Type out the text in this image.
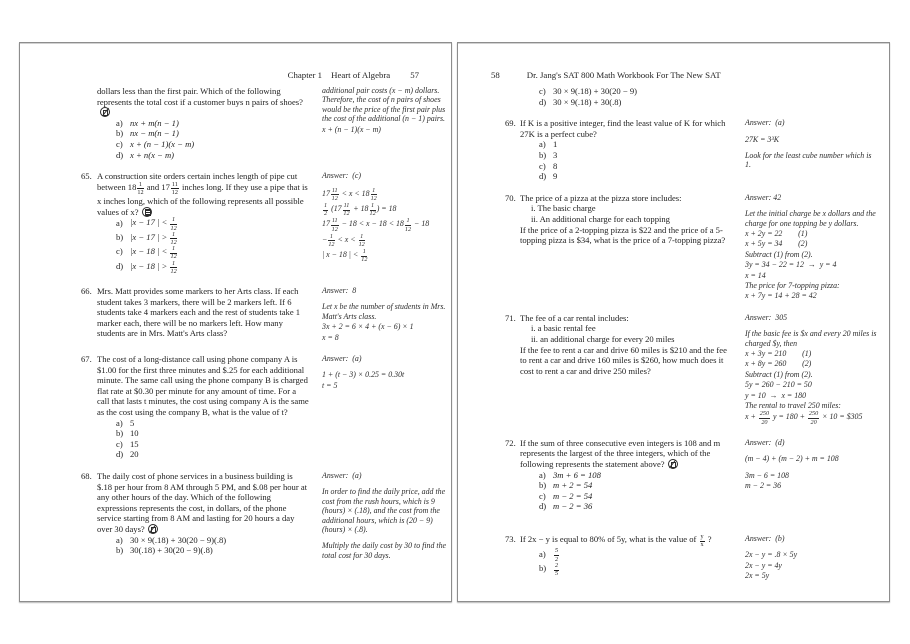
Chapter 1 Heart of Algebra 57
dollars less than the first pair. Which of the following represents the total cost if a customer buys n pairs of shoes?
a) nx + m(n − 1)
b) nx − m(n − 1)
c) x + (n − 1)(x − m)
d) x + n(x − m)
additional pair costs (x − m) dollars. Therefore, the cost of n pairs of shoes would be the price of the first pair plus the cost of the additional (n − 1) pairs.
x + (n − 1)(x − m)
65. A construction site orders certain inches length of pipe cut between $18 \frac{1}{12}$ and $17 \frac{11}{12}$ inches long. If they use a pipe that is x inches long, which of the following represents all possible values of x?
a) |x − 17 | < $\frac{1}{12}$
b) |x − 17 | > $\frac{1}{12}$
c) |x − 18 | < $\frac{1}{12}$
d) |x − 18 | > $\frac{1}{12}$
Answer:  (c)
$17 \frac{11}{12} < x < 18 \frac{1}{12}$
$\frac{1}{2} (17 \frac{11}{12} + 18 \frac{1}{12}$ ) = 18
$17 \frac{11}{12} - 18 < x - 18 < 18 \frac{1}{12} - 18$
− $\frac{1}{12} < x < \frac{1}{12}$
| x − 18 | < $\frac{1}{12}$
66. Mrs. Matt provides some markers to her Arts class. If each student takes 3 markers, there will be 2 markers left. If 6 students take 4 markers each and the rest of students take 1 marker each, there will be no markers left. How many students are in Mrs. Matt's Arts class?
Answer:  8
Let x be the number of students in Mrs. Matt's Arts class.
3x + 2 = 6 × 4 + (x − 6) × 1
x = 8
67. The cost of a long-distance call using phone company A is $1.00 for the first three minutes and $.25 for each additional minute. The same call using the phone company B is charged flat rate at $0.30 per minute for any amount of time. For a call that lasts t minutes, the cost using company A is the same as the cost using the company B, what is the value of t?
a) 5
b) 10
c) 15
d) 20
Answer:  (a)
1 + (t − 3) × 0.25 = 0.30t
t = 5
68. The daily cost of phone services in a business building is $.18 per hour from 8 AM through 5 PM, and $.08 per hour at any other hours of the day. Which of the following expressions represents the cost, in dollars, of the phone service starting from 8 AM and lasting for 20 hours a day over 30 days?
a) 30 × 9(.18) + 30(20 − 9)(.8)
b) 30(.18) + 30(20 − 9)(.8)
Answer:  (a)
In order to find the daily price, add the cost from the rush hours, which is 9 (hours) × (.18), and the cost from the additional hours, which is (20 − 9)(hours) × (.8).
Multiply the daily cost by 30 to find the total cost for 30 days.
58	Dr. Jang's SAT 800 Math Workbook For The New SAT
c) 30 × 9(.18) + 30(20 − 9)
d) 30 × 9(.18) + 30(.8)
69. If K is a positive integer, find the least value of K for which 27K is a perfect cube?
a) 1
b) 3
c) 8
d) 9
Answer:  (a)
27K = 3³K
Look for the least cube number which is 1.
70. The price of a pizza at the pizza store includes:
i. The basic charge
ii. An additional charge for each topping
If the price of a 2-topping pizza is $22 and the price of a 5-topping pizza is $34, what is the price of a 7-topping pizza?
Answer: 42
Let the initial charge be x dollars and the charge for one topping be y dollars.
x + 2y = 22        (1)
x + 5y = 34        (2)
Subtract (1) from (2).
3y = 34 − 22 = 12  →  y = 4
x = 14
The price for 7-topping pizza:
x + 7y = 14 + 28 = 42
71. The fee of a car rental includes:
i. a basic rental fee
ii. an additional charge for every 20 miles
If the fee to rent a car and drive 60 miles is $210 and the fee to rent a car and drive 160 miles is $260, how much does it cost to rent a car and drive 250 miles?
Answer:  305
If the basic fee is $x and every 20 miles is charged $y, then
x + 3y = 210        (1)
x + 8y = 260        (2)
Subtract (1) from (2).
5y = 260 − 210 = 50
y = 10  →  x = 180
The rental to travel 250 miles:
$x + \frac{250}{20}$ $y = 180 + \frac{250}{20} \times 10$ = $305
72. If the sum of three consecutive even integers is 108 and m represents the largest of the three integers, which of the following represents the statement above?
a) 3m + 6 = 108
b) m + 2 = 54
c) m − 2 = 54
d) m − 2 = 36
Answer:  (d)
(m − 4) + (m − 2) + m = 108
3m − 6 = 108
m − 2 = 36
73. If 2x − y is equal to 80% of 5y, what is the value of $\frac{y}{x}$ ?
a)	$\frac{5}{2}$
b)	$\frac{2}{5}$
Answer:  (b)
2x − y = .8 × 5y
2x − y = 4y
2x = 5y
